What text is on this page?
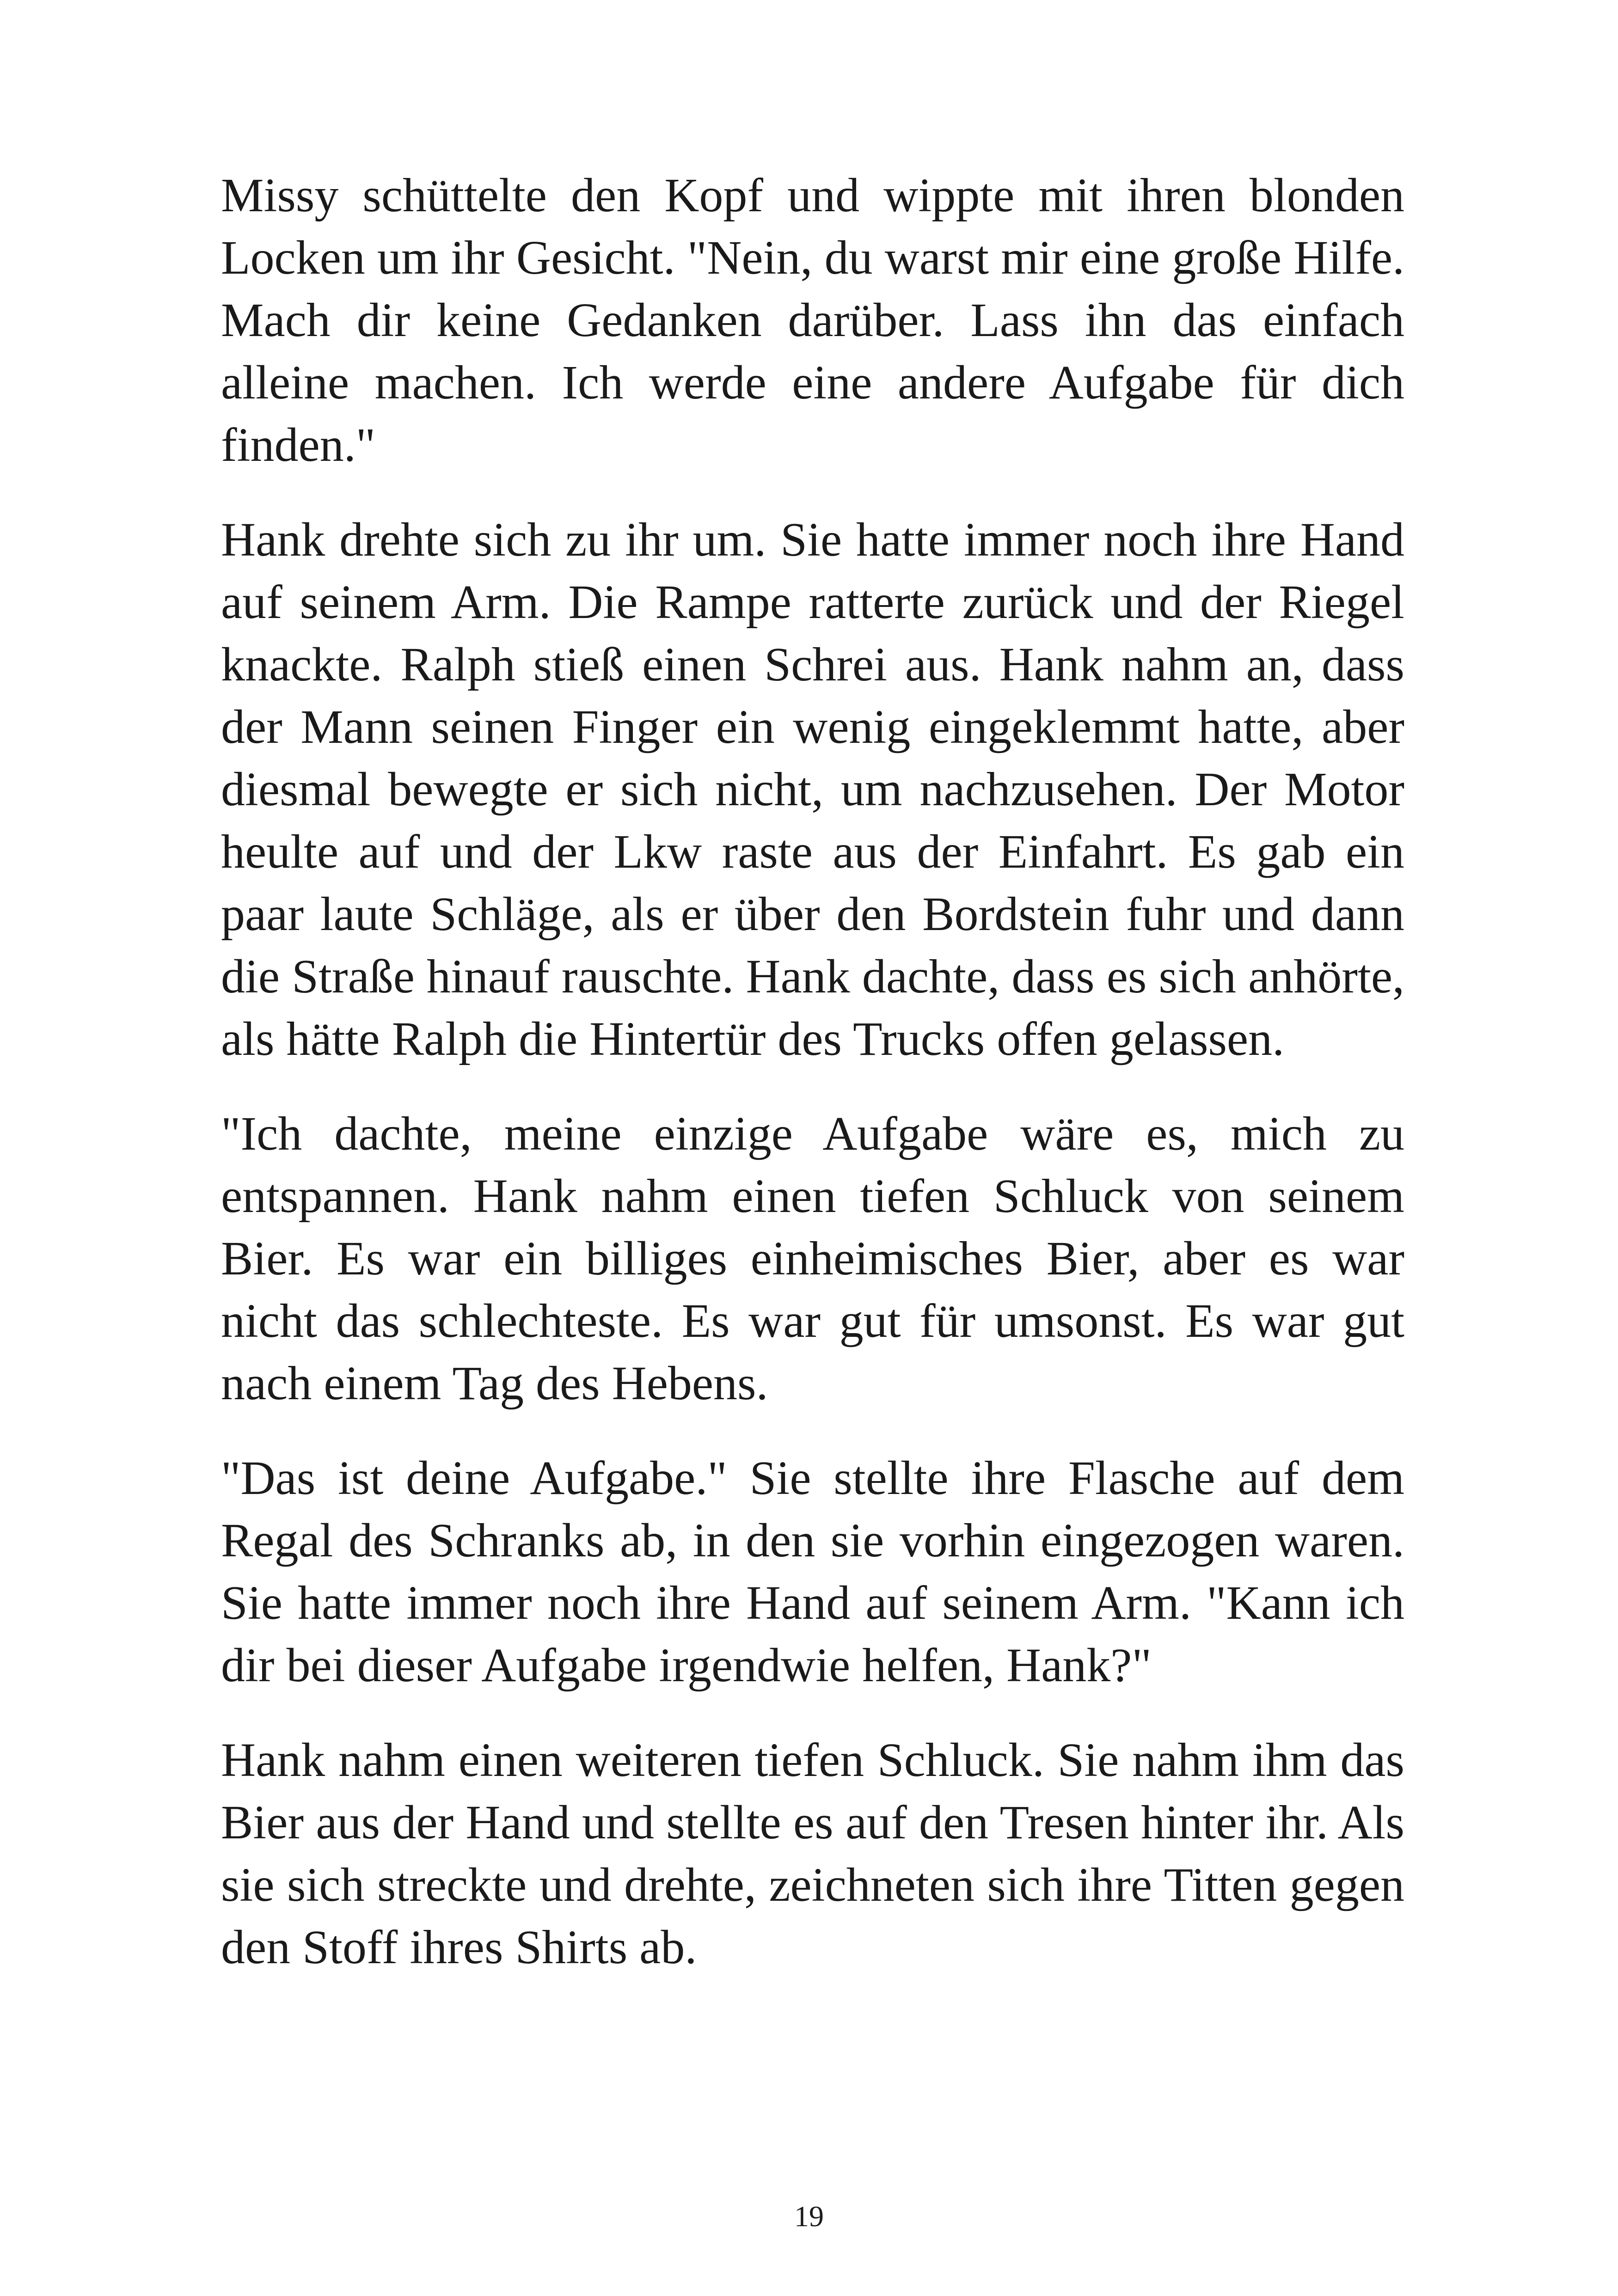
Missy schüttelte den Kopf und wippte mit ihren blonden Locken um ihr Gesicht. "Nein, du warst mir eine große Hilfe. Mach dir keine Gedanken darüber. Lass ihn das einfach alleine machen. Ich werde eine andere Aufgabe für dich finden."

Hank drehte sich zu ihr um. Sie hatte immer noch ihre Hand auf seinem Arm. Die Rampe ratterte zurück und der Riegel knackte. Ralph stieß einen Schrei aus. Hank nahm an, dass der Mann seinen Finger ein wenig eingeklemmt hatte, aber diesmal bewegte er sich nicht, um nachzusehen. Der Motor heulte auf und der Lkw raste aus der Einfahrt. Es gab ein paar laute Schläge, als er über den Bordstein fuhr und dann die Straße hinauf rauschte. Hank dachte, dass es sich anhörte, als hätte Ralph die Hintertür des Trucks offen gelassen.

"Ich dachte, meine einzige Aufgabe wäre es, mich zu entspannen. Hank nahm einen tiefen Schluck von seinem Bier. Es war ein billiges einheimisches Bier, aber es war nicht das schlechteste. Es war gut für umsonst. Es war gut nach einem Tag des Hebens.

"Das ist deine Aufgabe." Sie stellte ihre Flasche auf dem Regal des Schranks ab, in den sie vorhin eingezogen waren. Sie hatte immer noch ihre Hand auf seinem Arm. "Kann ich dir bei dieser Aufgabe irgendwie helfen, Hank?"

Hank nahm einen weiteren tiefen Schluck. Sie nahm ihm das Bier aus der Hand und stellte es auf den Tresen hinter ihr. Als sie sich streckte und drehte, zeichneten sich ihre Titten gegen den Stoff ihres Shirts ab.

19
